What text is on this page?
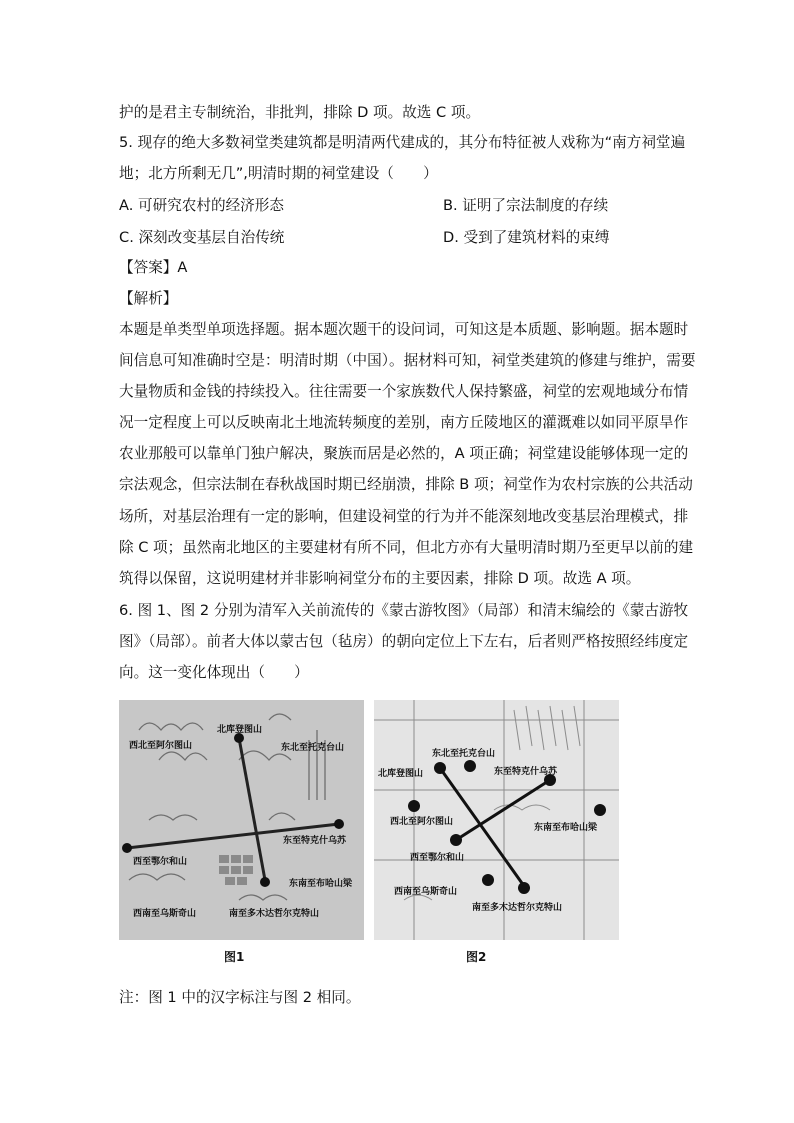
护的是君主专制统治，非批判，排除 D 项。故选 C 项。
5. 现存的绝大多数祠堂类建筑都是明清两代建成的，其分布特征被人戏称为“南方祠堂遍
地；北方所剩无几”,明清时期的祠堂建设（　　）
A. 可研究农村的经济形态	B. 证明了宗法制度的存续
C. 深刻改变基层自治传统	D. 受到了建筑材料的束缚
【答案】A
【解析】
本题是单类型单项选择题。据本题次题干的设问词，可知这是本质题、影响题。据本题时
间信息可知准确时空是：明清时期（中国）。据材料可知，祠堂类建筑的修建与维护，需要
大量物质和金钱的持续投入。往往需要一个家族数代人保持繁盛，祠堂的宏观地域分布情
况一定程度上可以反映南北土地流转频度的差别，南方丘陵地区的灌溉难以如同平原旱作
农业那般可以靠单门独户解决，聚族而居是必然的，A 项正确；祠堂建设能够体现一定的
宗法观念，但宗法制在春秋战国时期已经崩溃，排除 B 项；祠堂作为农村宗族的公共活动
场所，对基层治理有一定的影响，但建设祠堂的行为并不能深刻地改变基层治理模式，排
除 C 项；虽然南北地区的主要建材有所不同，但北方亦有大量明清时期乃至更早以前的建
筑得以保留，这说明建材并非影响祠堂分布的主要因素，排除 D 项。故选 A 项。
6. 图 1、图 2 分别为清军入关前流传的《蒙古游牧图》（局部）和清末编绘的《蒙古游牧
图》（局部）。前者大体以蒙古包（毡房）的朝向定位上下左右，后者则严格按照经纬度定
向。这一变化体现出（　　）
北库登图山
西北至阿尔图山	东北至托克台山
东至特克什乌苏
西至鄂尔和山
东南至布哈山梁
西南至乌斯奇山	南至多木达哲尔克特山
图1
东北至托克台山
北库登图山	东至特克什乌苏
西北至阿尔图山
东南至布哈山梁
西至鄂尔和山
西南至乌斯奇山
南至多木达哲尔克特山
图2
注：图 1 中的汉字标注与图 2 相同。
